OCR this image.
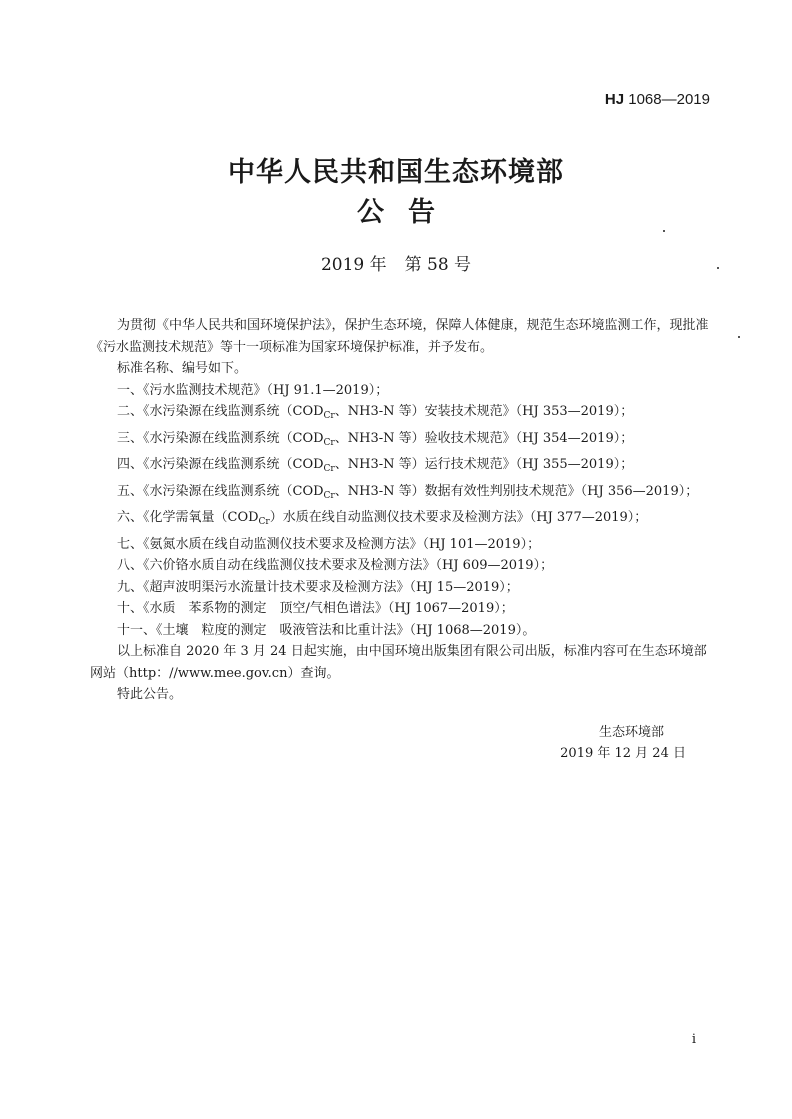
HJ 1068—2019
中华人民共和国生态环境部
公告
2019 年 第 58 号

为贯彻《中华人民共和国环境保护法》，保护生态环境，保障人体健康，规范生态环境监测工作，现批准《污水监测技术规范》等十一项标准为国家环境保护标准，并予发布。

标准名称、编号如下。

一、《污水监测技术规范》（HJ 91.1—2019）；

二、《水污染源在线监测系统（$COD_{Cr}$、NH3-N 等）安装技术规范》（HJ 353—2019）；

三、《水污染源在线监测系统（$COD_{Cr}$、NH3-N 等）验收技术规范》（HJ 354—2019）；

四、《水污染源在线监测系统（$COD_{Cr}$、NH3-N 等）运行技术规范》（HJ 355—2019）；

五、《水污染源在线监测系统（$COD_{Cr}$、NH3-N 等）数据有效性判别技术规范》（HJ 356—2019）；

六、《化学需氧量$(COD_{Cr})$水质在线自动监测仪技术要求及检测方法》（HJ 377—2019）；

七、《氨氮水质在线自动监测仪技术要求及检测方法》（HJ 101—2019）；

八、《六价铬水质自动在线监测仪技术要求及检测方法》（HJ 609—2019）；

九、《超声波明渠污水流量计技术要求及检测方法》（HJ 15—2019）；

十、《水质　苯系物的测定　顶空/气相色谱法》（HJ 1067—2019）；

十一、《土壤　粒度的测定　吸液管法和比重计法》（HJ 1068—2019）。

以上标准自 2020 年 3 月 24 日起实施，由中国环境出版集团有限公司出版，标准内容可在生态环境部网站（http：//www.mee.gov.cn）查询。

特此公告。

生态环境部
2019 年 12 月 24 日
i
